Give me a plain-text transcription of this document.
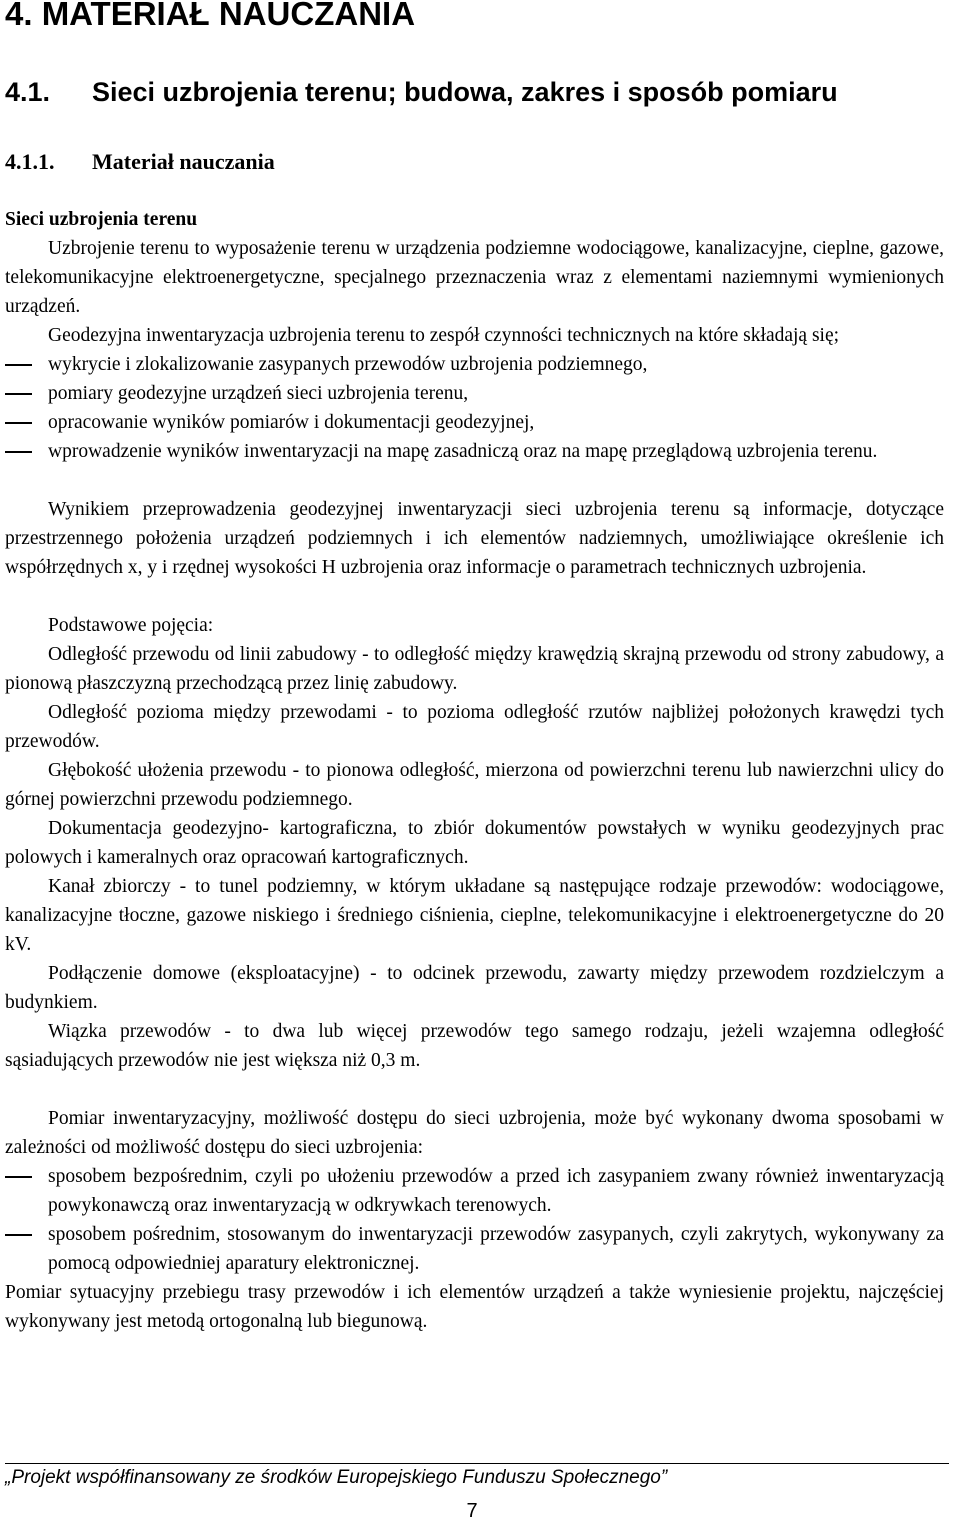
4. MATERIAŁ NAUCZANIA
4.1. Sieci uzbrojenia terenu; budowa, zakres i sposób pomiaru
4.1.1. Materiał nauczania

Sieci uzbrojenia terenu

Uzbrojenie terenu to wyposażenie terenu w urządzenia podziemne wodociągowe, kanalizacyjne, cieplne, gazowe, telekomunikacyjne elektroenergetyczne, specjalnego przeznaczenia wraz z elementami naziemnymi wymienionych urządzeń.

Geodezyjna inwentaryzacja uzbrojenia terenu to zespół czynności technicznych na które składają się;

wykrycie i zlokalizowanie zasypanych przewodów uzbrojenia podziemnego,
pomiary geodezyjne urządzeń sieci uzbrojenia terenu,
opracowanie wyników pomiarów i dokumentacji geodezyjnej,
wprowadzenie wyników inwentaryzacji na mapę zasadniczą oraz na mapę przeglądową uzbrojenia terenu.

Wynikiem przeprowadzenia geodezyjnej inwentaryzacji sieci uzbrojenia terenu są informacje, dotyczące przestrzennego położenia urządzeń podziemnych i ich elementów nadziemnych, umożliwiające określenie ich współrzędnych x, y i rzędnej wysokości H uzbrojenia oraz informacje o parametrach technicznych uzbrojenia.

Podstawowe pojęcia:

Odległość przewodu od linii zabudowy - to odległość między krawędzią skrajną przewodu od strony zabudowy, a pionową płaszczyzną przechodzącą przez linię zabudowy.

Odległość pozioma między przewodami - to pozioma odległość rzutów najbliżej położonych krawędzi tych przewodów.

Głębokość ułożenia przewodu - to pionowa odległość, mierzona od powierzchni terenu lub nawierzchni ulicy do górnej powierzchni przewodu podziemnego.

Dokumentacja geodezyjno- kartograficzna, to zbiór dokumentów powstałych w wyniku geodezyjnych prac polowych i kameralnych oraz opracowań kartograficznych.

Kanał zbiorczy - to tunel podziemny, w którym układane są następujące rodzaje przewodów: wodociągowe, kanalizacyjne tłoczne, gazowe niskiego i średniego ciśnienia, cieplne, telekomunikacyjne i elektroenergetyczne do 20 kV.

Podłączenie domowe (eksploatacyjne) - to odcinek przewodu, zawarty między przewodem rozdzielczym a budynkiem.

Wiązka przewodów - to dwa lub więcej przewodów tego samego rodzaju, jeżeli wzajemna odległość sąsiadujących przewodów nie jest większa niż 0,3 m.

Pomiar inwentaryzacyjny, możliwość dostępu do sieci uzbrojenia, może być wykonany dwoma sposobami w zależności od możliwość dostępu do sieci uzbrojenia:

sposobem bezpośrednim, czyli po ułożeniu przewodów a przed ich zasypaniem zwany również inwentaryzacją powykonawczą oraz inwentaryzacją w odkrywkach terenowych.
sposobem pośrednim, stosowanym do inwentaryzacji przewodów zasypanych, czyli zakrytych, wykonywany za pomocą odpowiedniej aparatury elektronicznej.

Pomiar sytuacyjny przebiegu trasy przewodów i ich elementów urządzeń a także wyniesienie projektu, najczęściej wykonywany jest metodą ortogonalną lub biegunową.

„Projekt współfinansowany ze środków Europejskiego Funduszu Społecznego”
7
